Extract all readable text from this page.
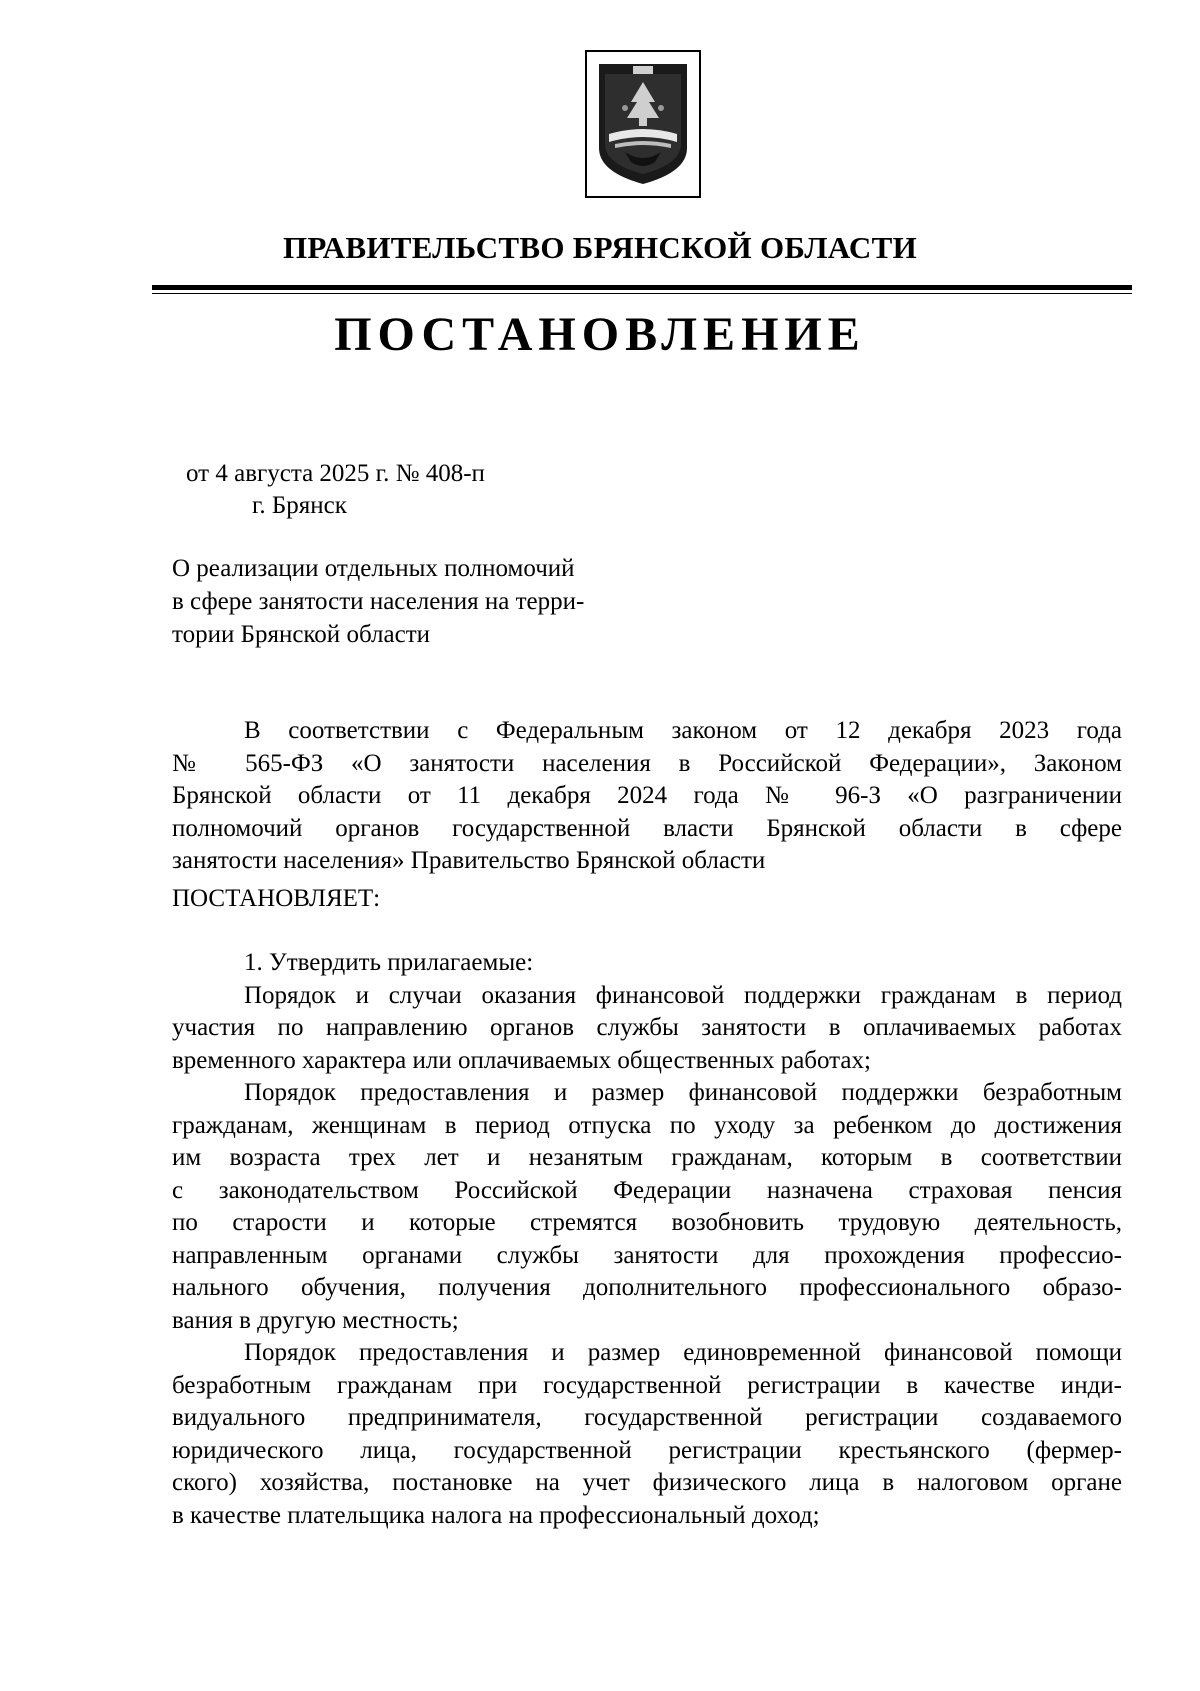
ПРАВИТЕЛЬСТВО БРЯНСКОЙ ОБЛАСТИ
ПОСТАНОВЛЕНИЕ
от 4 августа 2025 г. № 408-п
г. Брянск
О реализации отдельных полномочий
в сфере занятости населения на терри-
тории Брянской области
В соответствии с Федеральным законом от 12 декабря 2023 года
№ 565-ФЗ «О занятости населения в Российской Федерации», Законом
Брянской области от 11 декабря 2024 года № 96-З «О разграничении
полномочий органов государственной власти Брянской области в сфере
занятости населения» Правительство Брянской области
ПОСТАНОВЛЯЕТ:
1. Утвердить прилагаемые:
Порядок и случаи оказания финансовой поддержки гражданам в период
участия по направлению органов службы занятости в оплачиваемых работах
временного характера или оплачиваемых общественных работах;
Порядок предоставления и размер финансовой поддержки безработным
гражданам, женщинам в период отпуска по уходу за ребенком до достижения
им возраста трех лет и незанятым гражданам, которым в соответствии
с законодательством Российской Федерации назначена страховая пенсия
по старости и которые стремятся возобновить трудовую деятельность,
направленным органами службы занятости для прохождения профессио-
нального обучения, получения дополнительного профессионального образо-
вания в другую местность;
Порядок предоставления и размер единовременной финансовой помощи
безработным гражданам при государственной регистрации в качестве инди-
видуального предпринимателя, государственной регистрации создаваемого
юридического лица, государственной регистрации крестьянского (фермер-
ского) хозяйства, постановке на учет физического лица в налоговом органе
в качестве плательщика налога на профессиональный доход;
